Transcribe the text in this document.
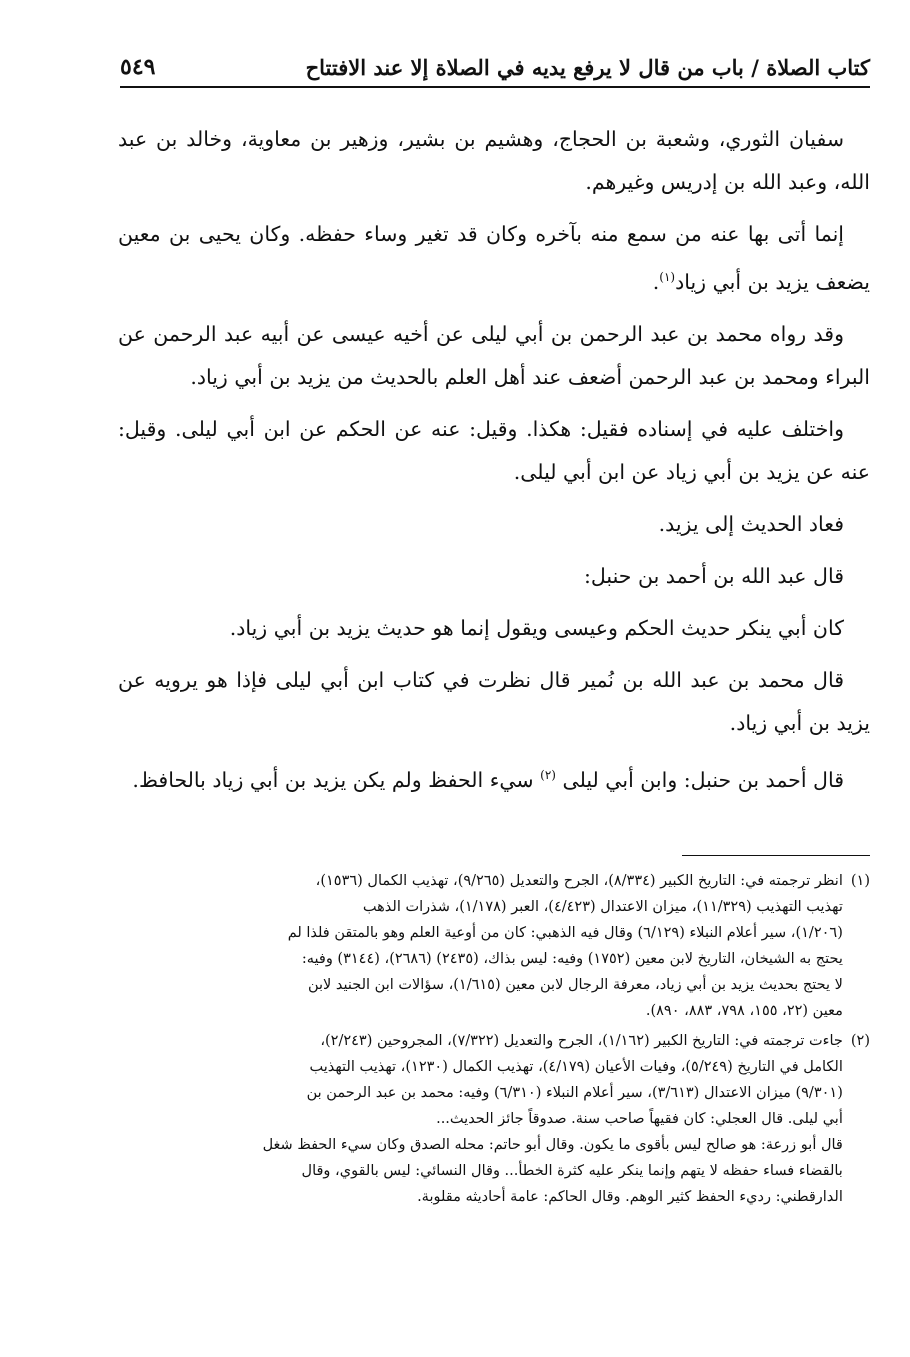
كتاب الصلاة / باب من قال لا يرفع يديه في الصلاة إلا عند الافتتاح
٥٤٩

سفيان الثوري، وشعبة بن الحجاج، وهشيم بن بشير، وزهير بن معاوية، وخالد بن عبد الله، وعبد الله بن إدريس وغيرهم.

إنما أتى بها عنه من سمع منه بآخره وكان قد تغير وساء حفظه. وكان يحيى بن معين يضعف يزيد بن أبي زياد$^{(١)}$.

وقد رواه محمد بن عبد الرحمن بن أبي ليلى عن أخيه عيسى عن أبيه عبد الرحمن عن البراء ومحمد بن عبد الرحمن أضعف عند أهل العلم بالحديث من يزيد بن أبي زياد.

واختلف عليه في إسناده فقيل: هكذا. وقيل: عنه عن الحكم عن ابن أبي ليلى. وقيل: عنه عن يزيد بن أبي زياد عن ابن أبي ليلى.

فعاد الحديث إلى يزيد.

قال عبد الله بن أحمد بن حنبل:

كان أبي ينكر حديث الحكم وعيسى ويقول إنما هو حديث يزيد بن أبي زياد.

قال محمد بن عبد الله بن نُمير قال نظرت في كتاب ابن أبي ليلى فإذا هو يرويه عن يزيد بن أبي زياد.

قال أحمد بن حنبل: وابن أبي ليلى $^{(٢)}$ سيء الحفظ ولم يكن يزيد بن أبي زياد بالحافظ.

(١)
انظر ترجمته في: التاريخ الكبير (٨/٣٣٤)، الجرح والتعديل (٩/٢٦٥)، تهذيب الكمال (١٥٣٦)،
تهذيب التهذيب (١١/٣٢٩)، ميزان الاعتدال (٤/٤٢٣)، العبر (١/١٧٨)، شذرات الذهب
(١/٢٠٦)، سير أعلام النبلاء (٦/١٢٩) وقال فيه الذهبي: كان من أوعية العلم وهو بالمتقن فلذا لم
يحتج به الشيخان، التاريخ لابن معين (١٧٥٢) وفيه: ليس بذاك، (٢٤٣٥) (٢٦٨٦)، (٣١٤٤) وفيه:
لا يحتج بحديث يزيد بن أبي زياد، معرفة الرجال لابن معين (١/٦١٥)، سؤالات ابن الجنيد لابن
معين (٢٢، ١٥٥، ٧٩٨، ٨٨٣، ٨٩٠).
(٢)
جاءت ترجمته في: التاريخ الكبير (١/١٦٢)، الجرح والتعديل (٧/٣٢٢)، المجروحين (٢/٢٤٣)،
الكامل في التاريخ (٥/٢٤٩)، وفيات الأعيان (٤/١٧٩)، تهذيب الكمال (١٢٣٠)، تهذيب التهذيب
(٩/٣٠١) ميزان الاعتدال (٣/٦١٣)، سير أعلام النبلاء (٦/٣١٠) وفيه: محمد بن عبد الرحمن بن
أبي ليلى. قال العجلي: كان فقيهاً صاحب سنة. صدوقاً جائز الحديث...
قال أبو زرعة: هو صالح ليس بأقوى ما يكون. وقال أبو حاتم: محله الصدق وكان سيء الحفظ شغل
بالقضاء فساء حفظه لا يتهم وإنما ينكر عليه كثرة الخطأ... وقال النسائي: ليس بالقوي، وقال
الدارقطني: رديء الحفظ كثير الوهم. وقال الحاكم: عامة أحاديثه مقلوبة.
